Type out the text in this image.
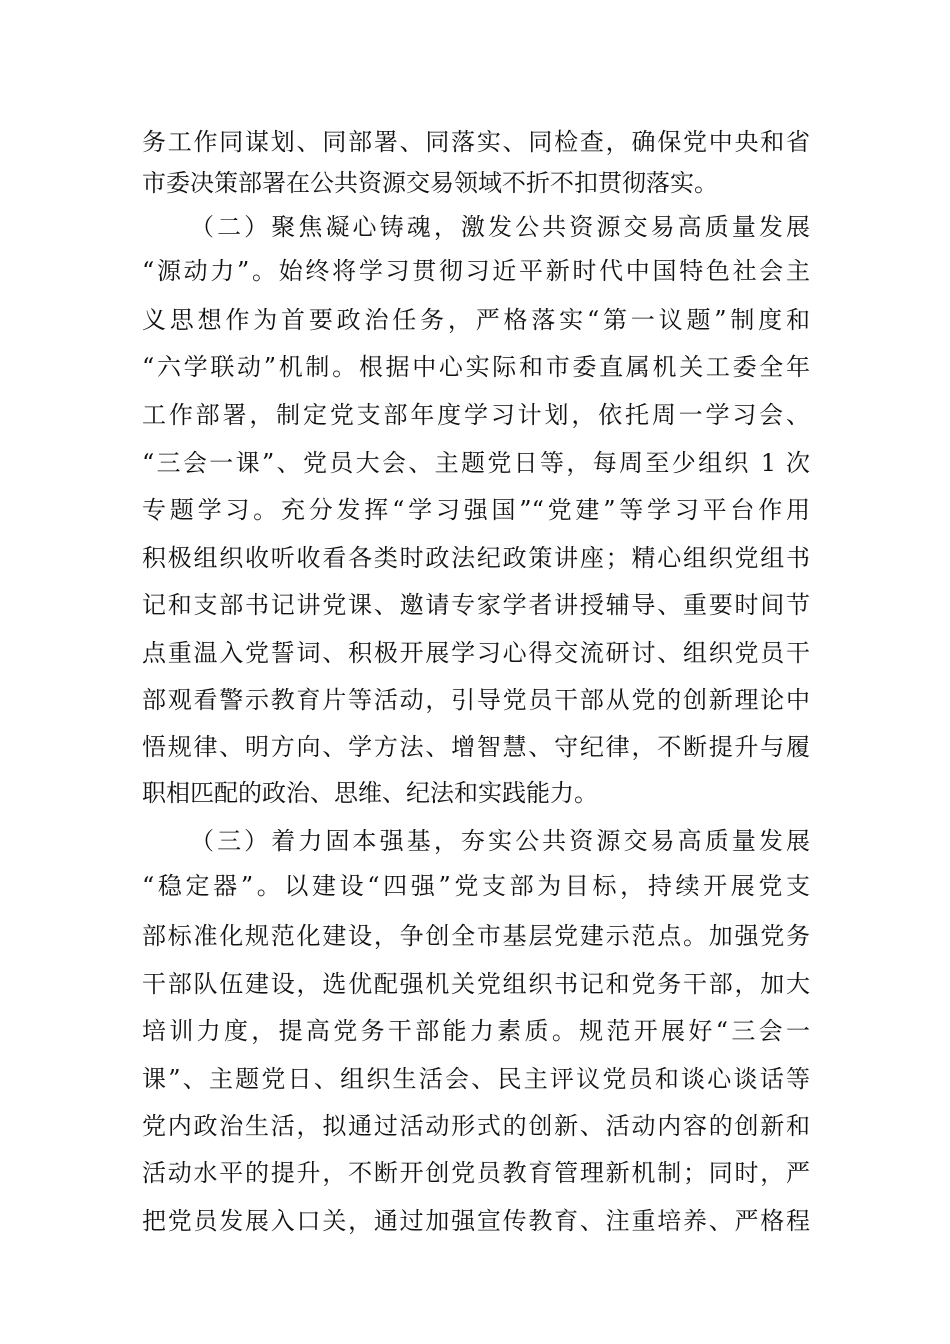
务工作同谋划、同部署、同落实、同检查，确保党中央和省
市委决策部署在公共资源交易领域不折不扣贯彻落实。
（二）聚焦凝心铸魂，激发公共资源交易高质量发展
“源动力”。始终将学习贯彻习近平新时代中国特色社会主
义思想作为首要政治任务，严格落实“第一议题”制度和
“六学联动”机制。根据中心实际和市委直属机关工委全年
工作部署，制定党支部年度学习计划，依托周一学习会、
“三会一课”、党员大会、主题党日等，每周至少组织 1 次
专题学习。充分发挥“学习强国”“党建”等学习平台作用
积极组织收听收看各类时政法纪政策讲座；精心组织党组书
记和支部书记讲党课、邀请专家学者讲授辅导、重要时间节
点重温入党誓词、积极开展学习心得交流研讨、组织党员干
部观看警示教育片等活动，引导党员干部从党的创新理论中
悟规律、明方向、学方法、增智慧、守纪律，不断提升与履
职相匹配的政治、思维、纪法和实践能力。
（三）着力固本强基，夯实公共资源交易高质量发展
“稳定器”。以建设“四强”党支部为目标，持续开展党支
部标准化规范化建设，争创全市基层党建示范点。加强党务
干部队伍建设，选优配强机关党组织书记和党务干部，加大
培训力度，提高党务干部能力素质。规范开展好“三会一
课”、主题党日、组织生活会、民主评议党员和谈心谈话等
党内政治生活，拟通过活动形式的创新、活动内容的创新和
活动水平的提升，不断开创党员教育管理新机制；同时，严
把党员发展入口关，通过加强宣传教育、注重培养、严格程
